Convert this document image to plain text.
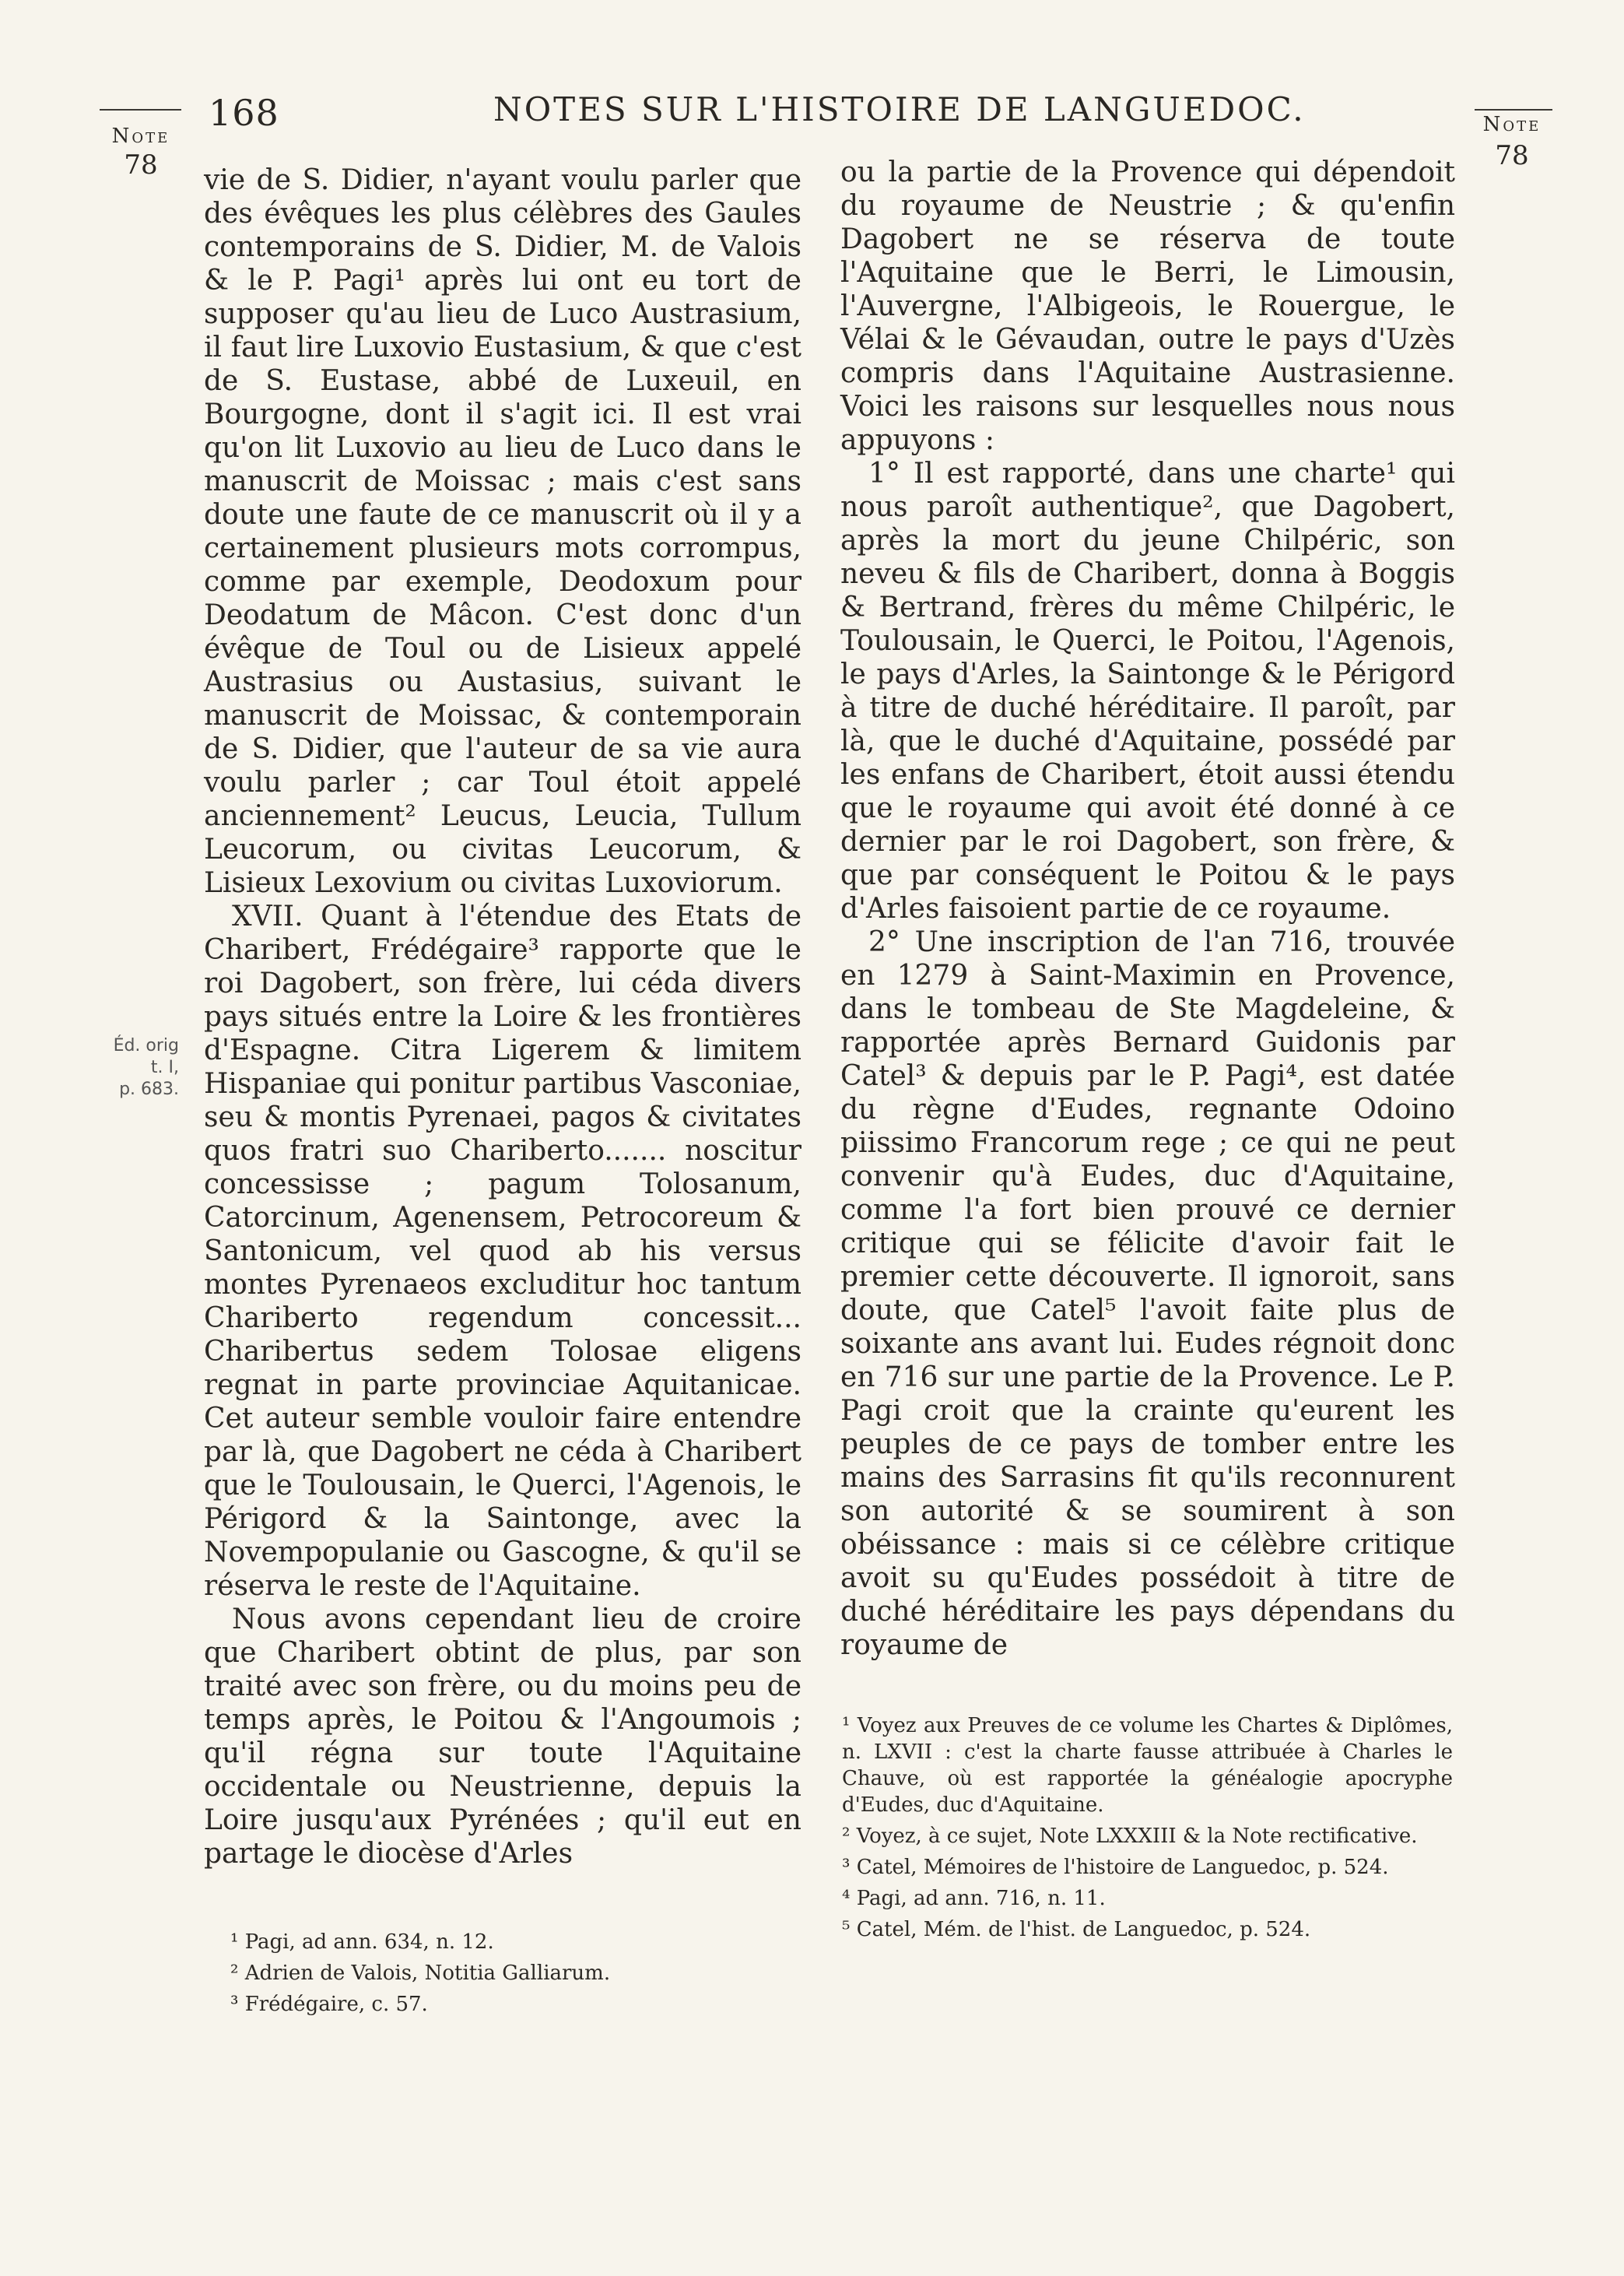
Note
78
168	NOTES SUR L'HISTOIRE DE LANGUEDOC.	Note
78
Éd. orig
t. I,
p. 683.

vie de S. Didier, n'ayant voulu parler que des évêques les plus célèbres des Gaules contemporains de S. Didier, M. de Valois & le P. Pagi¹ après lui ont eu tort de supposer qu'au lieu de Luco Austrasium, il faut lire Luxovio Eustasium, & que c'est de S. Eustase, abbé de Luxeuil, en Bourgogne, dont il s'agit ici. Il est vrai qu'on lit Luxovio au lieu de Luco dans le manuscrit de Moissac ; mais c'est sans doute une faute de ce manuscrit où il y a certainement plusieurs mots corrompus, comme par exemple, Deodoxum pour Deodatum de Mâcon. C'est donc d'un évêque de Toul ou de Lisieux appelé Austrasius ou Austasius, suivant le manuscrit de Moissac, & contemporain de S. Didier, que l'auteur de sa vie aura voulu parler ; car Toul étoit appelé anciennement² Leucus, Leucia, Tullum Leucorum, ou civitas Leucorum, & Lisieux Lexovium ou civitas Luxoviorum.

XVII. Quant à l'étendue des Etats de Charibert, Frédégaire³ rapporte que le roi Dagobert, son frère, lui céda divers pays situés entre la Loire & les frontières d'Espagne. Citra Ligerem & limitem Hispaniae qui ponitur partibus Vasconiae, seu & montis Pyrenaei, pagos & civitates quos fratri suo Chariberto....... noscitur concessisse ; pagum Tolosanum, Catorcinum, Agenensem, Petrocoreum & Santonicum, vel quod ab his versus montes Pyrenaeos excluditur hoc tantum Chariberto regendum concessit... Charibertus sedem Tolosae eligens regnat in parte provinciae Aquitanicae. Cet auteur semble vouloir faire entendre par là, que Dagobert ne céda à Charibert que le Toulousain, le Querci, l'Agenois, le Périgord & la Saintonge, avec la Novempopulanie ou Gascogne, & qu'il se réserva le reste de l'Aquitaine.

Nous avons cependant lieu de croire que Charibert obtint de plus, par son traité avec son frère, ou du moins peu de temps après, le Poitou & l'Angoumois ; qu'il régna sur toute l'Aquitaine occidentale ou Neustrienne, depuis la Loire jusqu'aux Pyrénées ; qu'il eut en partage le diocèse d'Arles

¹ Pagi, ad ann. 634, n. 12.

² Adrien de Valois, Notitia Galliarum.

³ Frédégaire, c. 57.

ou la partie de la Provence qui dépendoit du royaume de Neustrie ; & qu'enfin Dagobert ne se réserva de toute l'Aquitaine que le Berri, le Limousin, l'Auvergne, l'Albigeois, le Rouergue, le Vélai & le Gévaudan, outre le pays d'Uzès compris dans l'Aquitaine Austrasienne. Voici les raisons sur lesquelles nous nous appuyons :

1° Il est rapporté, dans une charte¹ qui nous paroît authentique², que Dagobert, après la mort du jeune Chilpéric, son neveu & fils de Charibert, donna à Boggis & Bertrand, frères du même Chilpéric, le Toulousain, le Querci, le Poitou, l'Agenois, le pays d'Arles, la Saintonge & le Périgord à titre de duché héréditaire. Il paroît, par là, que le duché d'Aquitaine, possédé par les enfans de Charibert, étoit aussi étendu que le royaume qui avoit été donné à ce dernier par le roi Dagobert, son frère, & que par conséquent le Poitou & le pays d'Arles faisoient partie de ce royaume.

2° Une inscription de l'an 716, trouvée en 1279 à Saint-Maximin en Provence, dans le tombeau de Ste Magdeleine, & rapportée après Bernard Guidonis par Catel³ & depuis par le P. Pagi⁴, est datée du règne d'Eudes, regnante Odoino piissimo Francorum rege ; ce qui ne peut convenir qu'à Eudes, duc d'Aquitaine, comme l'a fort bien prouvé ce dernier critique qui se félicite d'avoir fait le premier cette découverte. Il ignoroit, sans doute, que Catel⁵ l'avoit faite plus de soixante ans avant lui. Eudes régnoit donc en 716 sur une partie de la Provence. Le P. Pagi croit que la crainte qu'eurent les peuples de ce pays de tomber entre les mains des Sarrasins fit qu'ils reconnurent son autorité & se soumirent à son obéissance : mais si ce célèbre critique avoit su qu'Eudes possédoit à titre de duché héréditaire les pays dépendans du royaume de

¹ Voyez aux Preuves de ce volume les Chartes & Diplômes, n. LXVII : c'est la charte fausse attribuée à Charles le Chauve, où est rapportée la généalogie apocryphe d'Eudes, duc d'Aquitaine.

² Voyez, à ce sujet, Note LXXXIII & la Note rectificative.

³ Catel, Mémoires de l'histoire de Languedoc, p. 524.

⁴ Pagi, ad ann. 716, n. 11.

⁵ Catel, Mém. de l'hist. de Languedoc, p. 524.
